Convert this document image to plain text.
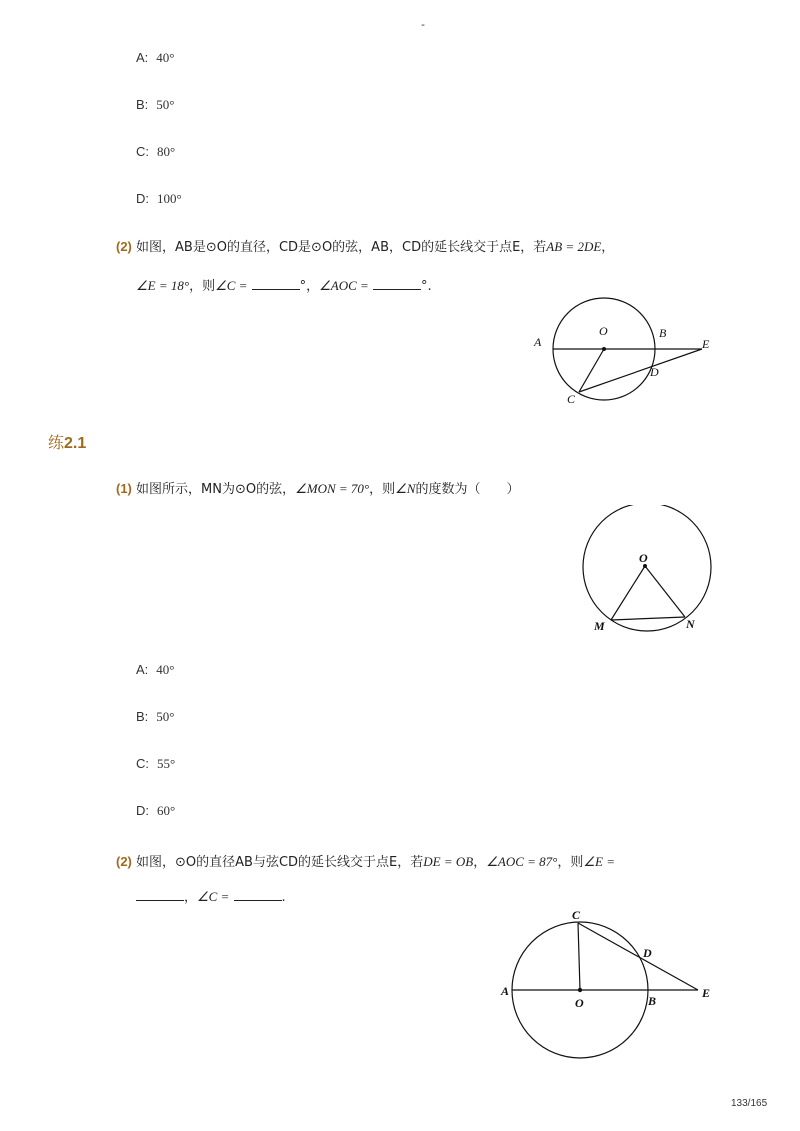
-
A: 40°
B: 50°
C: 80°
D: 100°
(2) 如图，AB是⊙O的直径，CD是⊙O的弦，AB，CD的延长线交于点E，若AB = 2DE，
∠E = 18°，则∠C =	°，∠AOC =	°.
A
O	B
E
D
C
练2.1
(1) 如图所示，MN为⊙O的弦，∠MON = 70°，则∠N的度数为（　　）
O
M	N
A: 40°
B: 50°
C: 55°
D: 60°
(2) 如图，⊙O的直径AB与弦CD的延长线交于点E，若DE = OB，∠AOC = 87°，则∠E =
，∠C =	.
C
D
A
O	B
E
133/165
